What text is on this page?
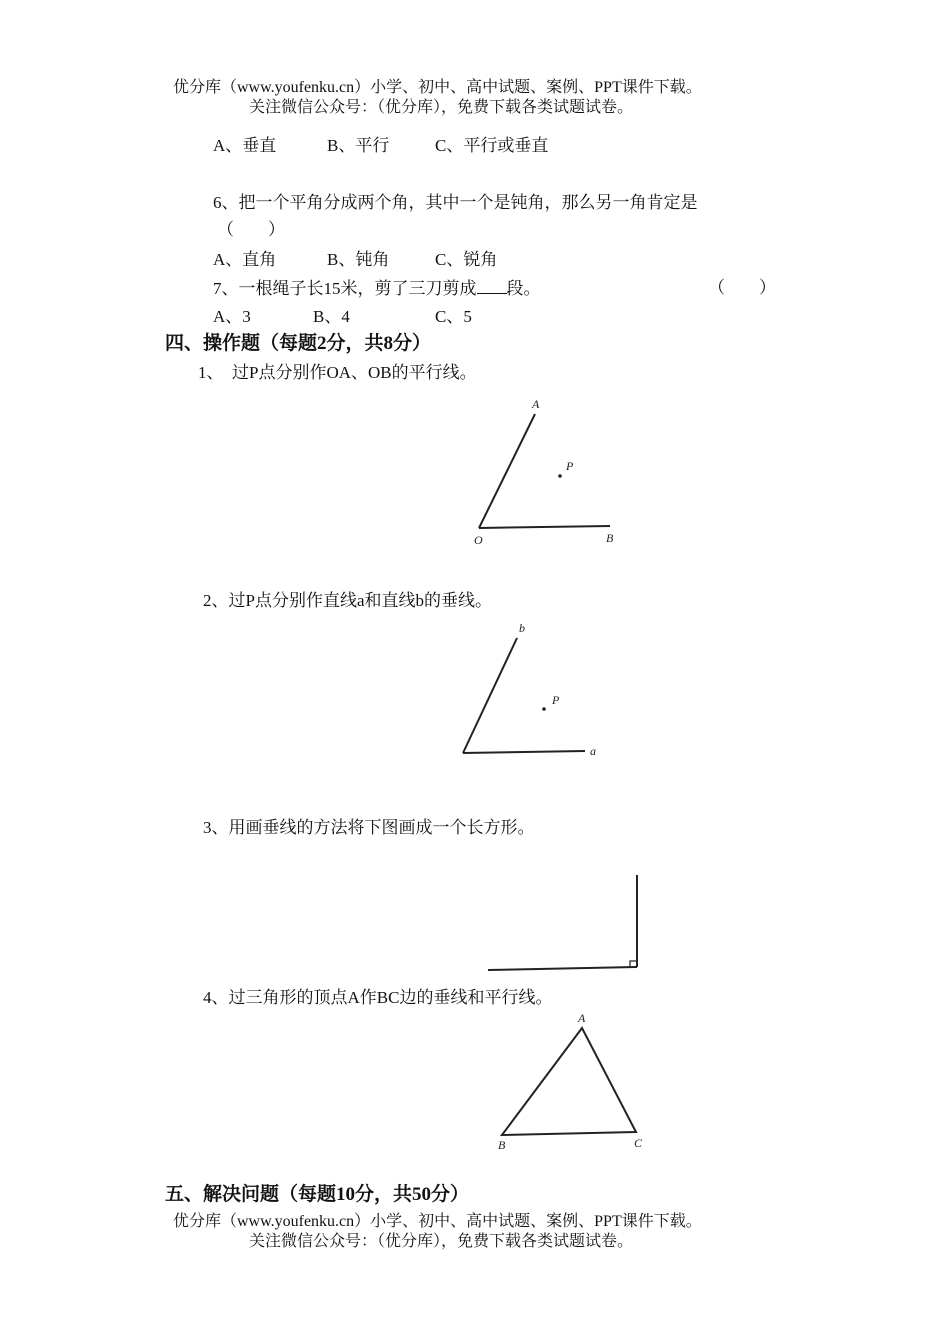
优分库（www.youfenku.cn）小学、初中、高中试题、案例、PPT课件下载。
关注微信公众号：（优分库），免费下载各类试题试卷。
A、垂直	B、平行	C、平行或垂直
6、把一个平角分成两个角，其中一个是钝角，那么另一角肯定是
（　　）
A、直角	B、钝角	C、锐角
7、一根绳子长15米，剪了三刀剪成 段。	（　　）
A、3	B、4	C、5
四、操作题（每题2分，共8分）
1、　过P点分别作OA、OB的平行线。
A
P
O	B
2、过P点分别作直线a和直线b的垂线。
b
P
a
3、用画垂线的方法将下图画成一个长方形。
4、过三角形的顶点A作BC边的垂线和平行线。
A
B	C
五、解决问题（每题10分，共50分）
优分库（www.youfenku.cn）小学、初中、高中试题、案例、PPT课件下载。
关注微信公众号：（优分库），免费下载各类试题试卷。
